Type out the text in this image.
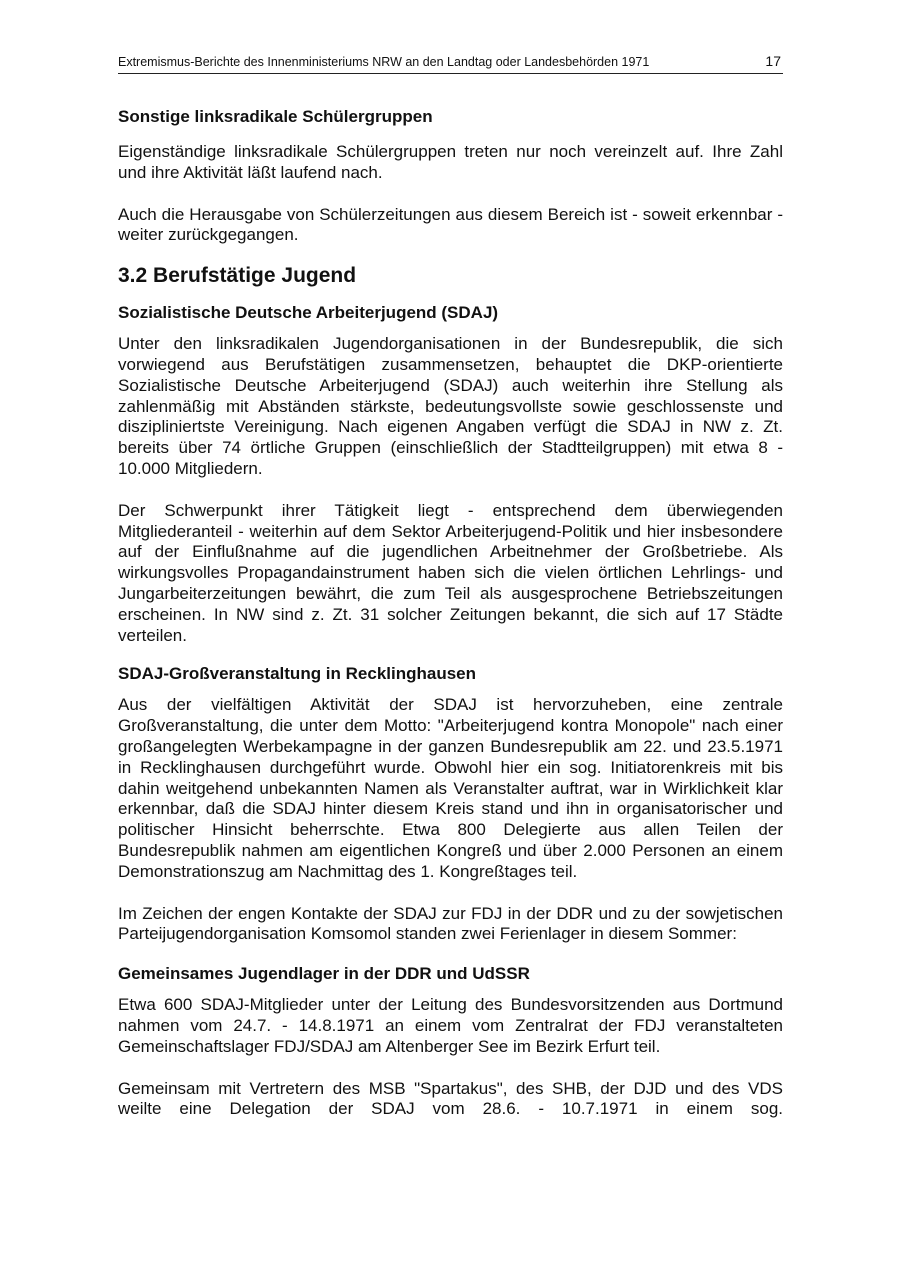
Extremismus-Berichte des Innenministeriums NRW an den Landtag oder Landesbehörden 1971	17
Sonstige linksradikale Schülergruppen

Eigenständige linksradikale Schülergruppen treten nur noch vereinzelt auf. Ihre Zahl und ihre Aktivität läßt laufend nach.

Auch die Herausgabe von Schülerzeitungen aus diesem Bereich ist - soweit erkennbar - weiter zurückgegangen.

3.2 Berufstätige Jugend
Sozialistische Deutsche Arbeiterjugend (SDAJ)

Unter den linksradikalen Jugendorganisationen in der Bundesrepublik, die sich vorwiegend aus Berufstätigen zusammensetzen, behauptet die DKP-orientierte Sozialistische Deutsche Arbeiterjugend (SDAJ) auch weiterhin ihre Stellung als zahlenmäßig mit Abständen stärkste, bedeutungsvollste sowie geschlossenste und diszipliniertste Vereinigung. Nach eigenen Angaben verfügt die SDAJ in NW z. Zt. bereits über 74 örtliche Gruppen (einschließlich der Stadtteilgruppen) mit etwa 8 - 10.000 Mitgliedern.

Der Schwerpunkt ihrer Tätigkeit liegt - entsprechend dem überwiegenden Mitgliederanteil - weiterhin auf dem Sektor Arbeiterjugend-Politik und hier insbesondere auf der Einflußnahme auf die jugendlichen Arbeitnehmer der Großbetriebe. Als wirkungsvolles Propagandainstrument haben sich die vielen örtlichen Lehrlings- und Jungarbeiterzeitungen bewährt, die zum Teil als ausgesprochene Betriebszeitungen erscheinen. In NW sind z. Zt. 31 solcher Zeitungen bekannt, die sich auf 17 Städte verteilen.

SDAJ-Großveranstaltung in Recklinghausen

Aus der vielfältigen Aktivität der SDAJ ist hervorzuheben, eine zentrale Großveranstaltung, die unter dem Motto: "Arbeiterjugend kontra Monopole" nach einer großangelegten Werbekampagne in der ganzen Bundesrepublik am 22. und 23.5.1971 in Recklinghausen durchgeführt wurde. Obwohl hier ein sog. Initiatorenkreis mit bis dahin weitgehend unbekannten Namen als Veranstalter auftrat, war in Wirklichkeit klar erkennbar, daß die SDAJ hinter diesem Kreis stand und ihn in organisatorischer und politischer Hinsicht beherrschte. Etwa 800 Delegierte aus allen Teilen der Bundesrepublik nahmen am eigentlichen Kongreß und über 2.000 Personen an einem Demonstrationszug am Nachmittag des 1. Kongreßtages teil.

Im Zeichen der engen Kontakte der SDAJ zur FDJ in der DDR und zu der sowjetischen Parteijugendorganisation Komsomol standen zwei Ferienlager in diesem Sommer:

Gemeinsames Jugendlager in der DDR und UdSSR

Etwa 600 SDAJ-Mitglieder unter der Leitung des Bundesvorsitzenden aus Dortmund nahmen vom 24.7. - 14.8.1971 an einem vom Zentralrat der FDJ veranstalteten Gemeinschaftslager FDJ/SDAJ am Altenberger See im Bezirk Erfurt teil.

Gemeinsam mit Vertretern des MSB "Spartakus", des SHB, der DJD und des VDS weilte eine Delegation der SDAJ vom 28.6. - 10.7.1971 in einem sog.
